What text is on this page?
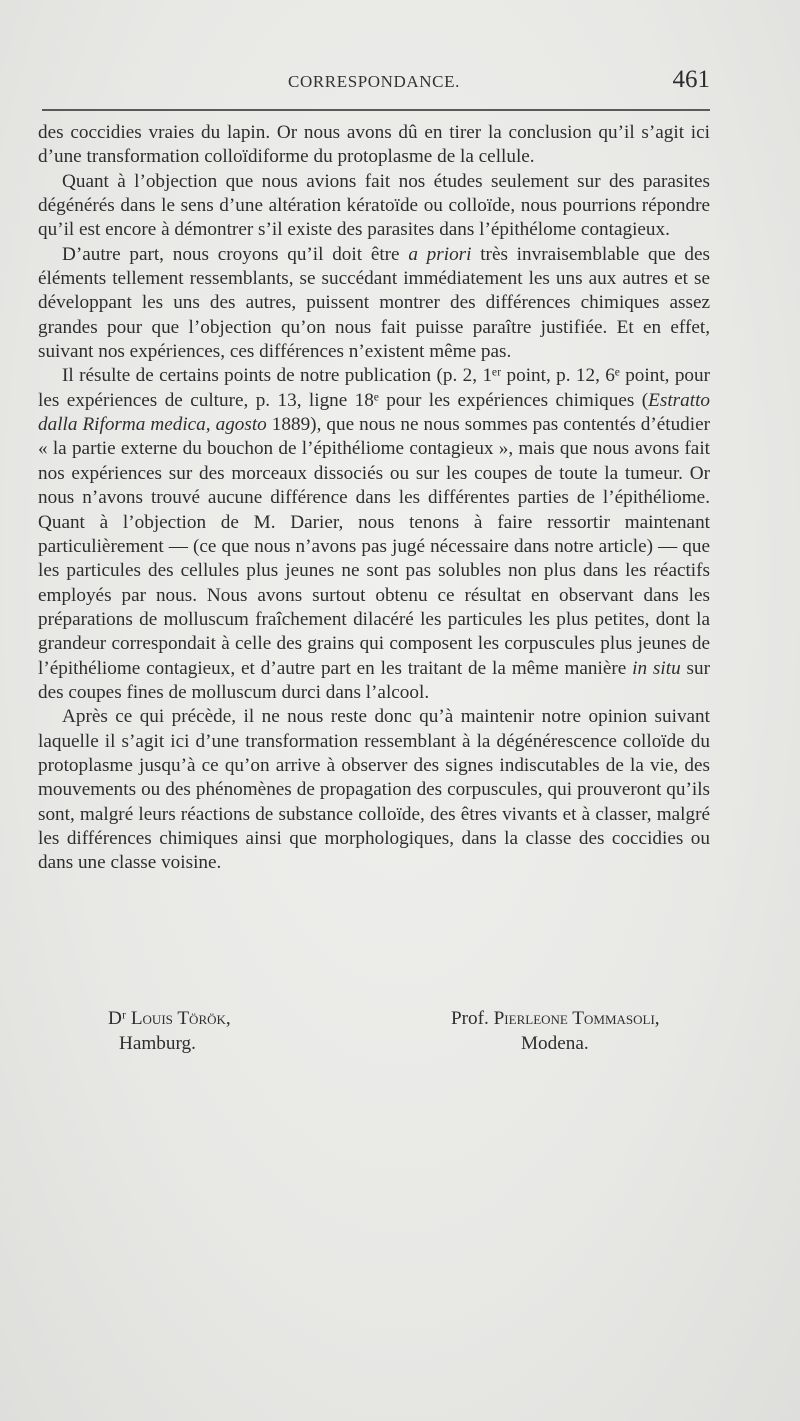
CORRESPONDANCE.	461

des coccidies vraies du lapin. Or nous avons dû en tirer la conclusion qu’il s’agit ici d’une transformation colloïdiforme du protoplasme de la cellule.

Quant à l’objection que nous avions fait nos études seulement sur des parasites dégénérés dans le sens d’une altération kératoïde ou colloïde, nous pourrions répondre qu’il est encore à démontrer s’il existe des parasites dans l’épithélome contagieux.

D’autre part, nous croyons qu’il doit être a priori très invraisemblable que des éléments tellement ressemblants, se succédant immédiatement les uns aux autres et se développant les uns des autres, puissent montrer des différences chimiques assez grandes pour que l’objection qu’on nous fait puisse paraître justifiée. Et en effet, suivant nos expériences, ces différences n’existent même pas.

Il résulte de certains points de notre publication (p. 2, 1ᵉʳ point, p. 12, 6ᵉ point, pour les expériences de culture, p. 13, ligne 18ᵉ pour les expériences chimiques (Estratto dalla Riforma medica, agosto 1889), que nous ne nous sommes pas contentés d’étudier « la partie externe du bouchon de l’épithéliome contagieux », mais que nous avons fait nos expériences sur des morceaux dissociés ou sur les coupes de toute la tumeur. Or nous n’avons trouvé aucune différence dans les différentes parties de l’épithéliome. Quant à l’objection de M. Darier, nous tenons à faire ressortir maintenant particulièrement — (ce que nous n’avons pas jugé nécessaire dans notre article) — que les particules des cellules plus jeunes ne sont pas solubles non plus dans les réactifs employés par nous. Nous avons surtout obtenu ce résultat en observant dans les préparations de molluscum fraîchement dilacéré les particules les plus petites, dont la grandeur correspondait à celle des grains qui composent les corpuscules plus jeunes de l’épithéliome contagieux, et d’autre part en les traitant de la même manière in situ sur des coupes fines de molluscum durci dans l’alcool.

Après ce qui précède, il ne nous reste donc qu’à maintenir notre opinion suivant laquelle il s’agit ici d’une transformation ressemblant à la dégénérescence colloïde du protoplasme jusqu’à ce qu’on arrive à observer des signes indiscutables de la vie, des mouvements ou des phénomènes de propagation des corpuscules, qui prouveront qu’ils sont, malgré leurs réactions de substance colloïde, des êtres vivants et à classer, malgré les différences chimiques ainsi que morphologiques, dans la classe des coccidies ou dans une classe voisine.

Dʳ Louis Török,
Hamburg.
Prof. Pierleone Tommasoli,
Modena.
